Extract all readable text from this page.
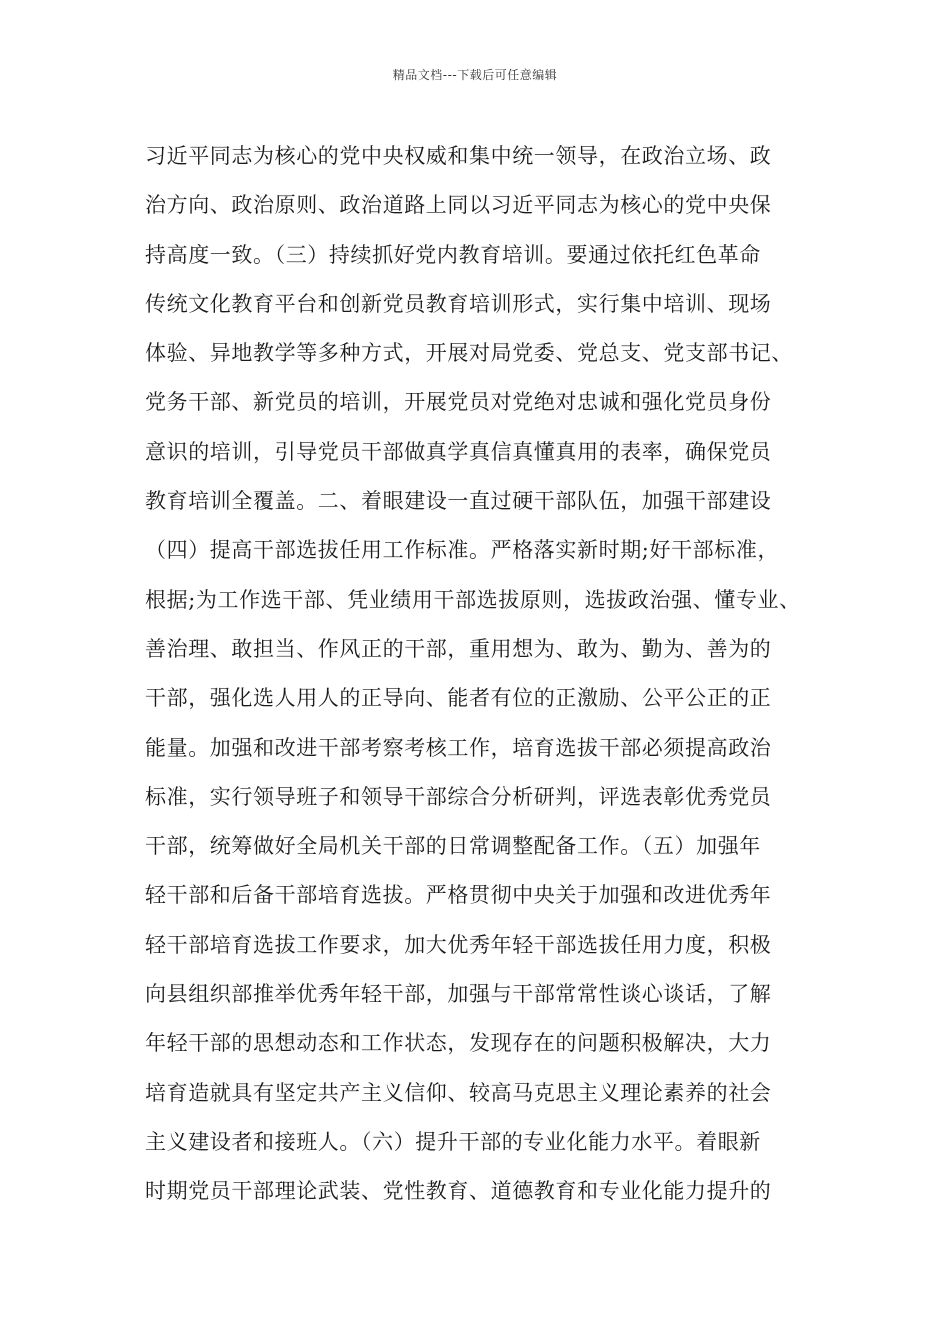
精品文档---下载后可任意编辑
习近平同志为核心的党中央权威和集中统一领导，在政治立场、政
治方向、政治原则、政治道路上同以习近平同志为核心的党中央保
持高度一致。（三）持续抓好党内教育培训。要通过依托红色革命
传统文化教育平台和创新党员教育培训形式，实行集中培训、现场
体验、异地教学等多种方式，开展对局党委、党总支、党支部书记、
党务干部、新党员的培训，开展党员对党绝对忠诚和强化党员身份
意识的培训，引导党员干部做真学真信真懂真用的表率，确保党员
教育培训全覆盖。二、着眼建设一直过硬干部队伍，加强干部建设
（四）提高干部选拔任用工作标准。严格落实新时期;好干部标准，
根据;为工作选干部、凭业绩用干部选拔原则，选拔政治强、懂专业、
善治理、敢担当、作风正的干部，重用想为、敢为、勤为、善为的
干部，强化选人用人的正导向、能者有位的正激励、公平公正的正
能量。加强和改进干部考察考核工作，培育选拔干部必须提高政治
标准，实行领导班子和领导干部综合分析研判，评选表彰优秀党员
干部，统筹做好全局机关干部的日常调整配备工作。（五）加强年
轻干部和后备干部培育选拔。严格贯彻中央关于加强和改进优秀年
轻干部培育选拔工作要求，加大优秀年轻干部选拔任用力度，积极
向县组织部推举优秀年轻干部，加强与干部常常性谈心谈话，了解
年轻干部的思想动态和工作状态，发现存在的问题积极解决，大力
培育造就具有坚定共产主义信仰、较高马克思主义理论素养的社会
主义建设者和接班人。（六）提升干部的专业化能力水平。着眼新
时期党员干部理论武装、党性教育、道德教育和专业化能力提升的
